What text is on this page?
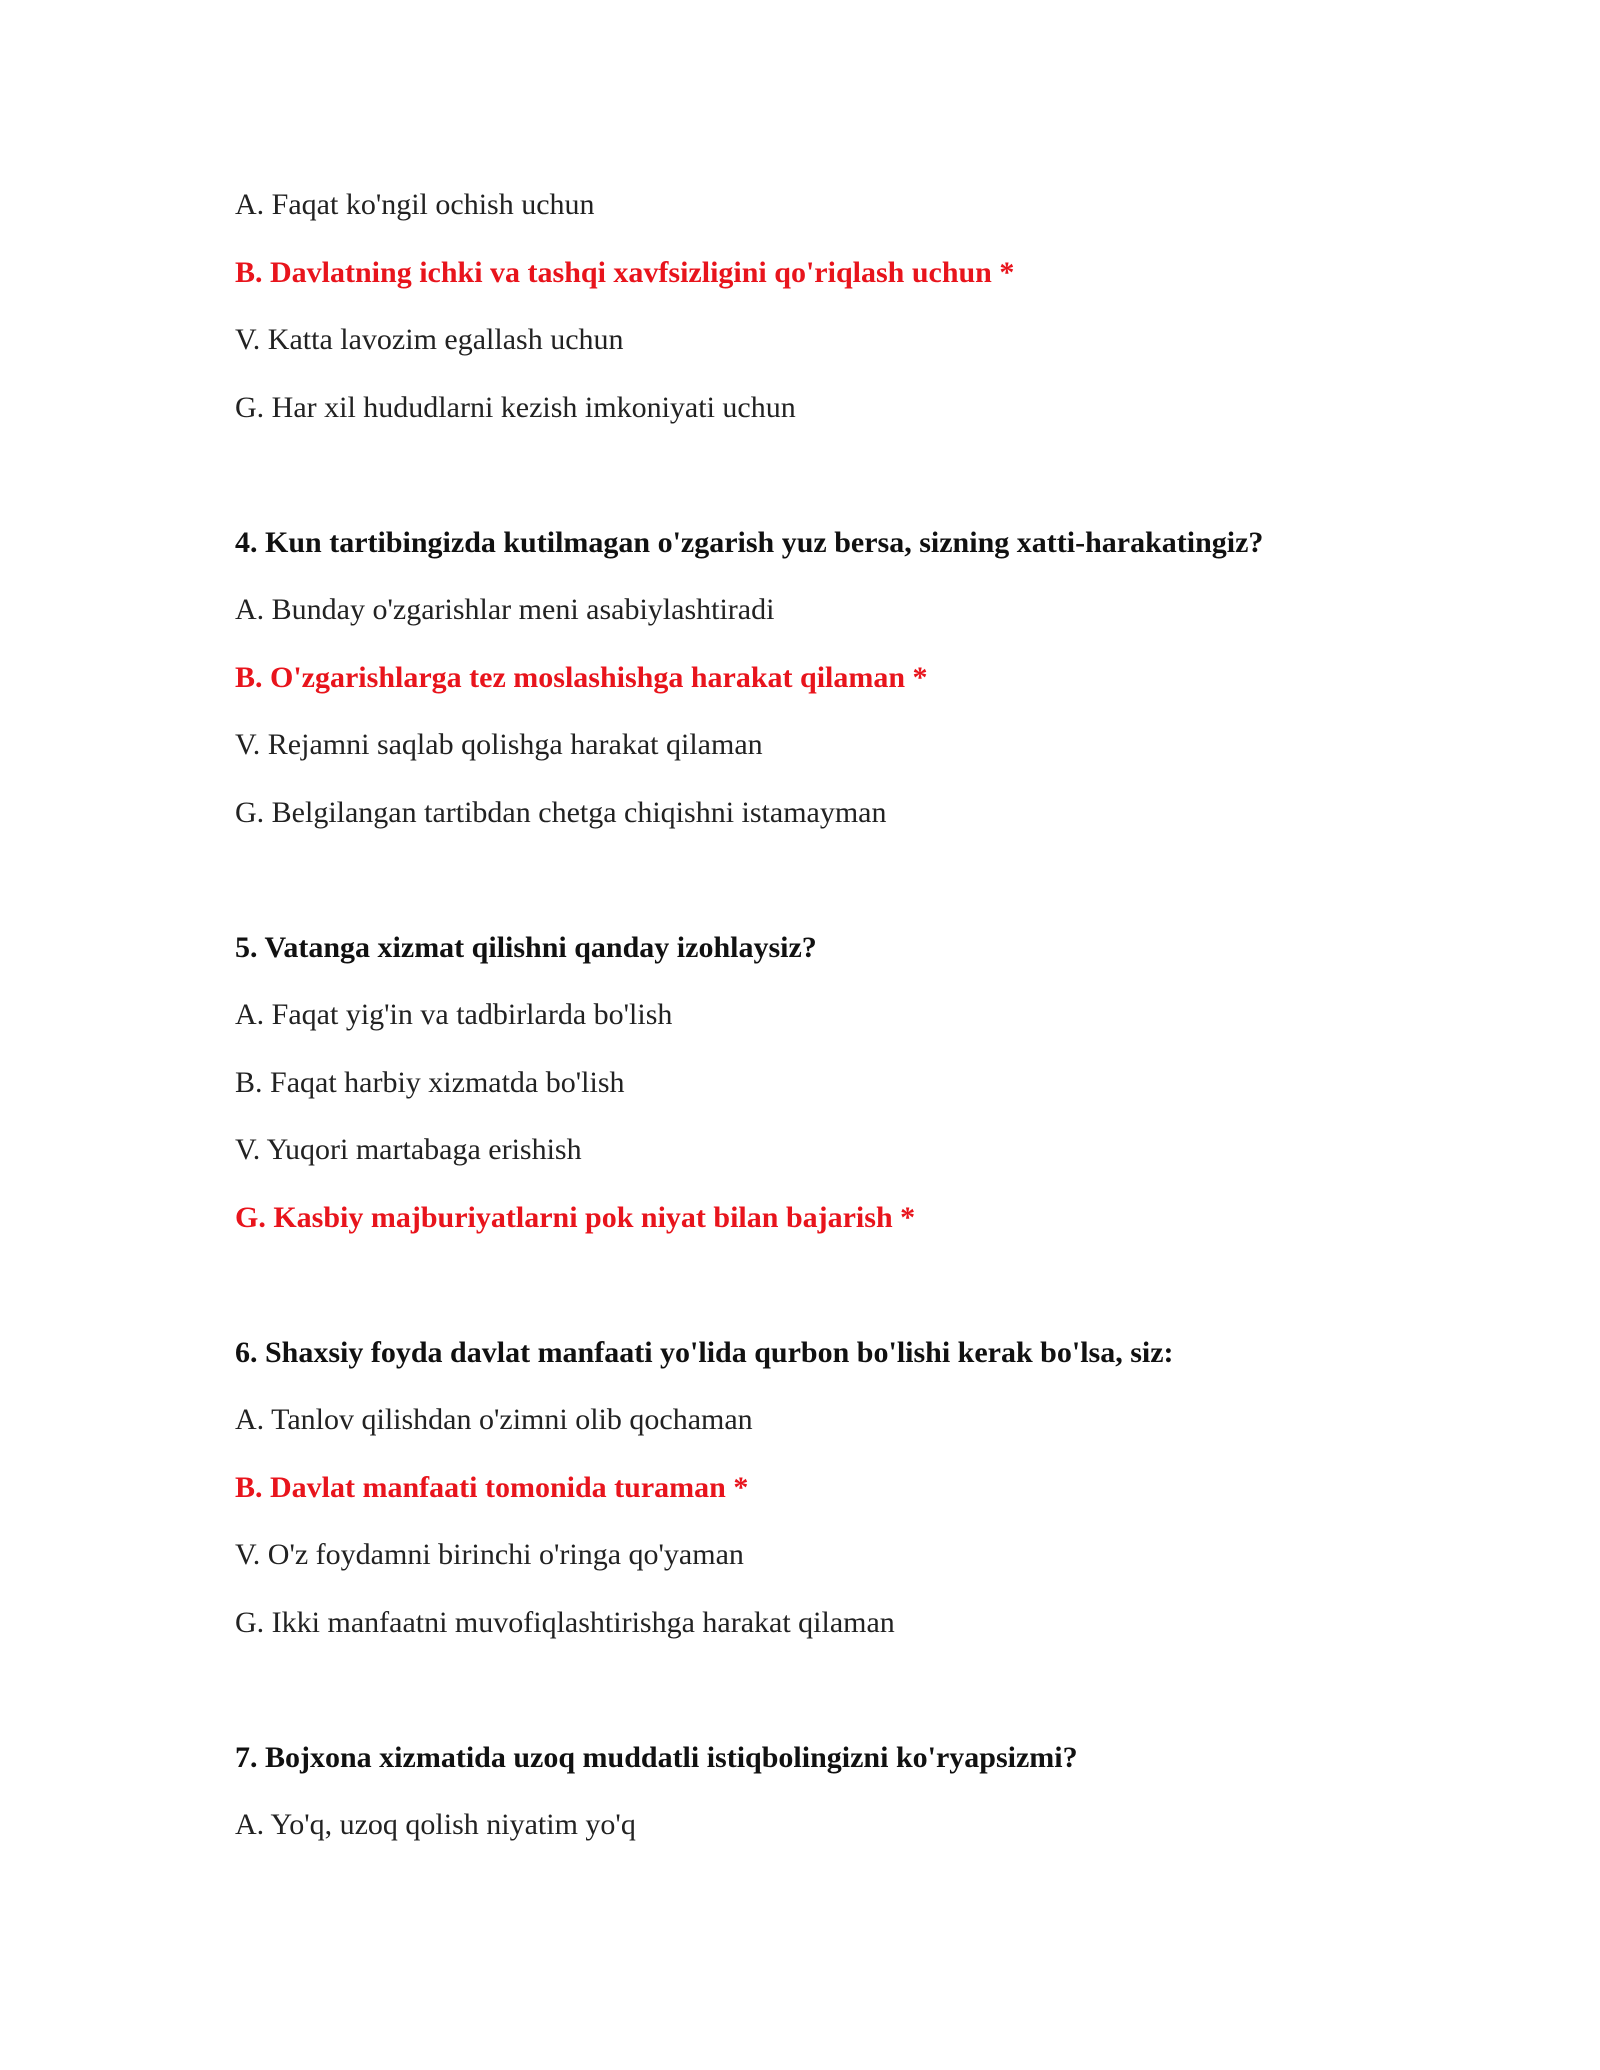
A. Faqat ko'ngil ochish uchun
B. Davlatning ichki va tashqi xavfsizligini qo'riqlash uchun *
V. Katta lavozim egallash uchun
G. Har xil hududlarni kezish imkoniyati uchun
4. Kun tartibingizda kutilmagan o'zgarish yuz bersa, sizning xatti-harakatingiz?
A. Bunday o'zgarishlar meni asabiylashtiradi
B. O'zgarishlarga tez moslashishga harakat qilaman *
V. Rejamni saqlab qolishga harakat qilaman
G. Belgilangan tartibdan chetga chiqishni istamayman
5. Vatanga xizmat qilishni qanday izohlaysiz?
A. Faqat yig'in va tadbirlarda bo'lish
B. Faqat harbiy xizmatda bo'lish
V. Yuqori martabaga erishish
G. Kasbiy majburiyatlarni pok niyat bilan bajarish *
6. Shaxsiy foyda davlat manfaati yo'lida qurbon bo'lishi kerak bo'lsa, siz:
A. Tanlov qilishdan o'zimni olib qochaman
B. Davlat manfaati tomonida turaman *
V. O'z foydamni birinchi o'ringa qo'yaman
G. Ikki manfaatni muvofiqlashtirishga harakat qilaman
7. Bojxona xizmatida uzoq muddatli istiqbolingizni ko'ryapsizmi?
A. Yo'q, uzoq qolish niyatim yo'q
